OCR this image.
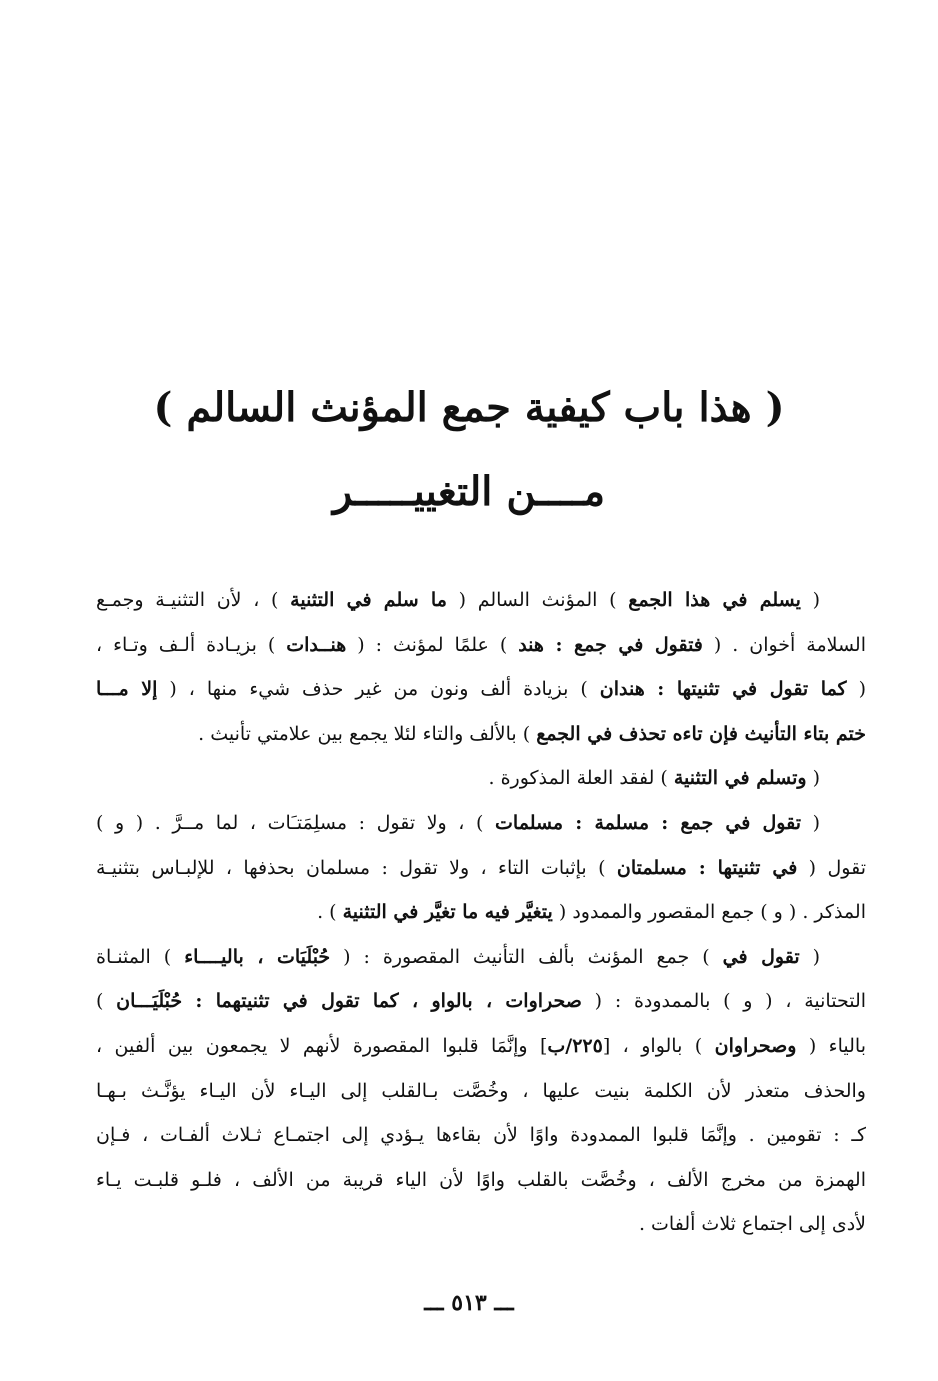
( هذا باب كيفية جمع المؤنث السالم )
مــــن التغييـــــر
( يسلم في هذا الجمع ) المؤنث السالم ( ما سلم في التثنية ) ، لأن التثنيـة وجمـع
السلامة أخوان . ( فتقول في جمع : هند ) علمًا لمؤنث : ( هنــدات ) بزيـادة ألـف وتـاء ،
( كما تقول في تثنيتها : هندان ) بزيادة ألف ونون من غير حذف شيء منها ، ( إلا مـــا
ختم بتاء التأنيث فإن تاءه تحذف في الجمع ) بالألف والتاء لئلا يجمع بين علامتي تأنيث .
( وتسلم في التثنية ) لفقد العلة المذكورة .
( تقول في جمع : مسلمة : مسلمات ) ، ولا تقول : مسلِمَتـَات ، لما مــرَّ . ( و )
تقول ( في تثنيتها : مسلمتان ) بإثبات التاء ، ولا تقول : مسلمان بحذفها ، للإلبـاس بتثنيـة
المذكر . ( و ) جمع المقصور والممدود ( يتغيَّر فيه ما تغيَّر في التثنية ) .
( تقول في ) جمع المؤنث بألف التأنيث المقصورة : ( حُبْلَيَات ، باليــــاء ) المثنـاة
التحتانية ، ( و ) بالممدودة : ( صحراوات ، بالواو ، كما تقول في تثنيتهما : حُبْلَيَـــان )
بالياء ( وصحراوان ) بالواو ، [٢٢٥/ب] وإنَّمَا قلبوا المقصورة لأنهم لا يجمعون بين ألفين ،
والحذف متعذر لأن الكلمة بنيت عليها ، وخُصَّت بـالقلب إلى اليـاء لأن اليـاء يؤنَّـث بـهـا
كـ : تقومين . وإنَّمَا قلبوا الممدودة واوًا لأن بقاءها يـؤدي إلى اجتمـاع ثـلاث ألفـات ، فـإن
الهمزة من مخرج الألف ، وخُصَّت بالقلب واوًا لأن الياء قريبة من الألف ، فلـو قلبـت يـاء
لأدى إلى اجتماع ثلاث ألفات .
ـــ ٥١٣ ـــ
